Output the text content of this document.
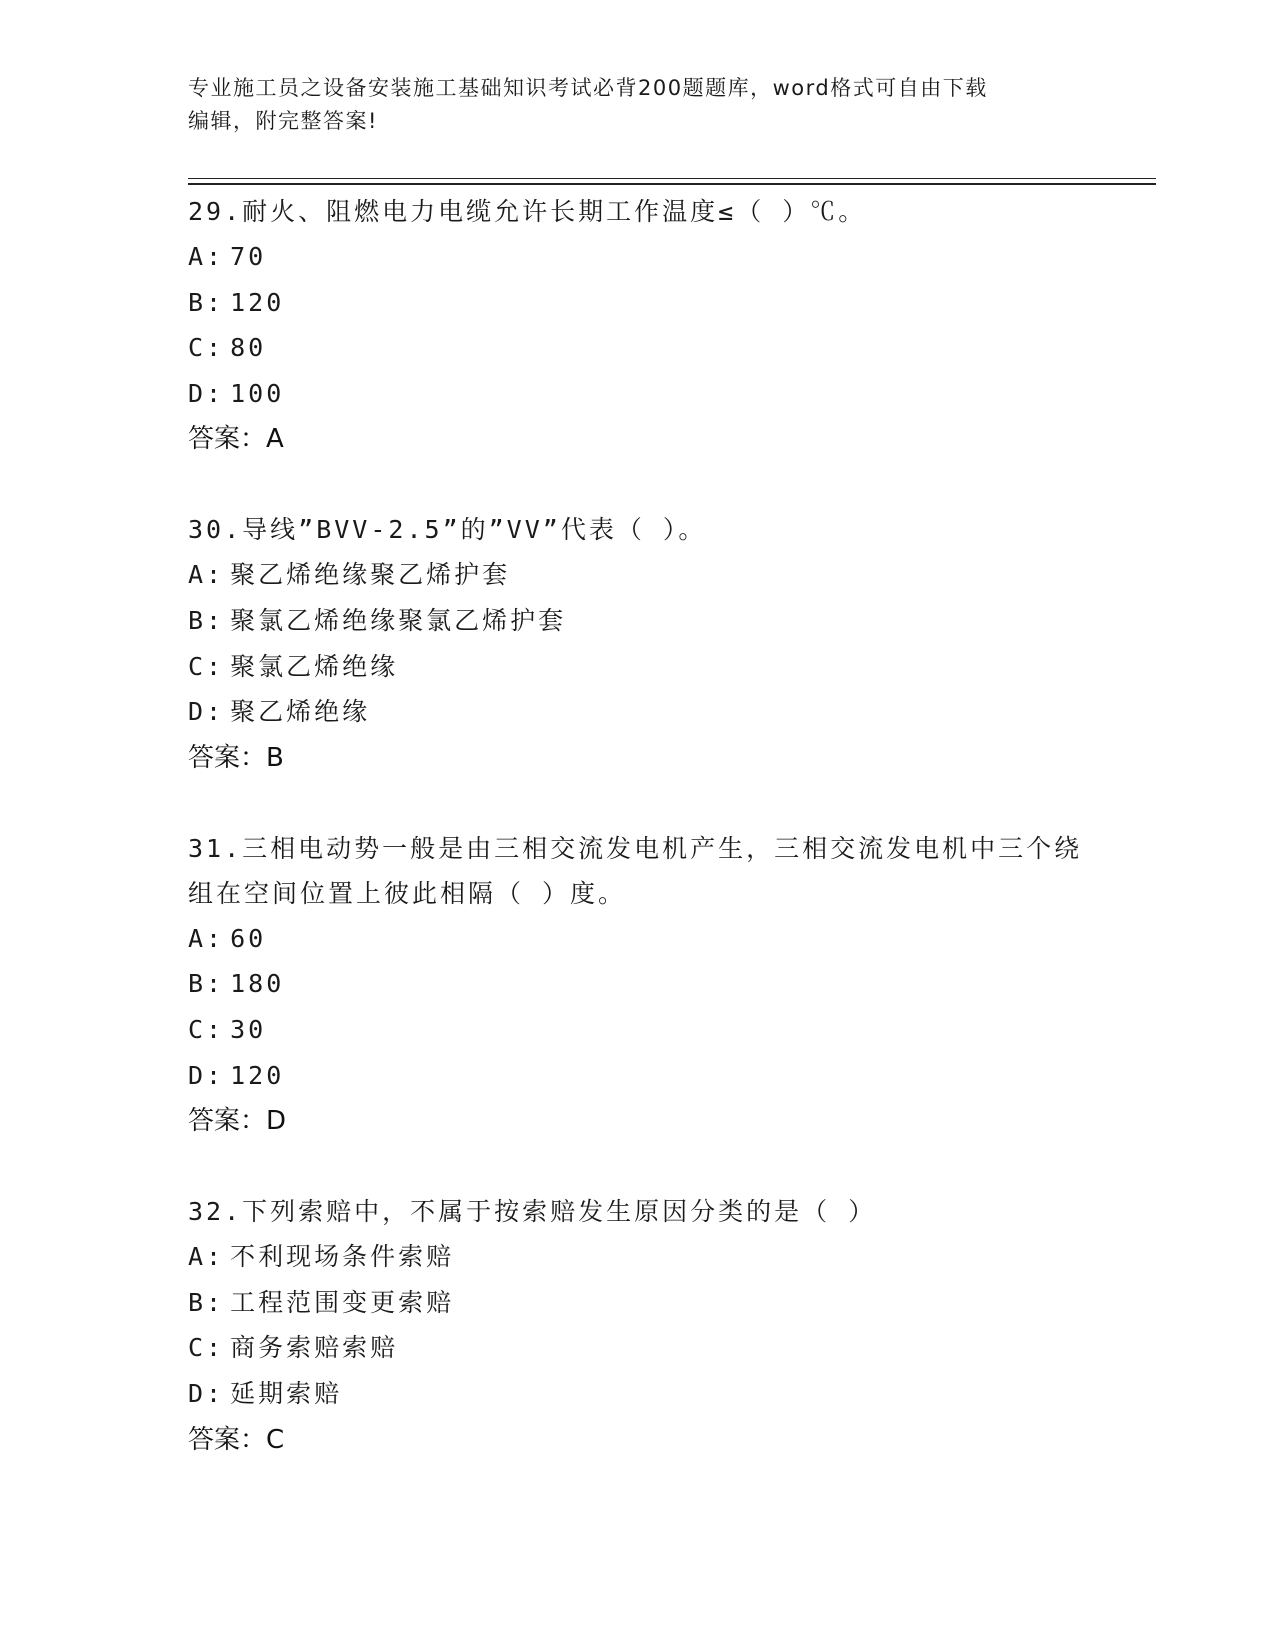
专业施工员之设备安装施工基础知识考试必背200题题库，word格式可自由下载
编辑，附完整答案!
29.耐火、阻燃电力电缆允许长期工作温度≤（ ）℃。
A: 70
B: 120
C: 80
D: 100
答案：A
30.导线”BVV-2.5”的”VV”代表（ ）。
A: 聚乙烯绝缘聚乙烯护套
B: 聚氯乙烯绝缘聚氯乙烯护套
C: 聚氯乙烯绝缘
D: 聚乙烯绝缘
答案：B
31.三相电动势一般是由三相交流发电机产生，三相交流发电机中三个绕组在空间位置上彼此相隔（ ）度。
A: 60
B: 180
C: 30
D: 120
答案：D
32.下列索赔中，不属于按索赔发生原因分类的是（ ）
A: 不利现场条件索赔
B: 工程范围变更索赔
C: 商务索赔索赔
D: 延期索赔
答案：C
